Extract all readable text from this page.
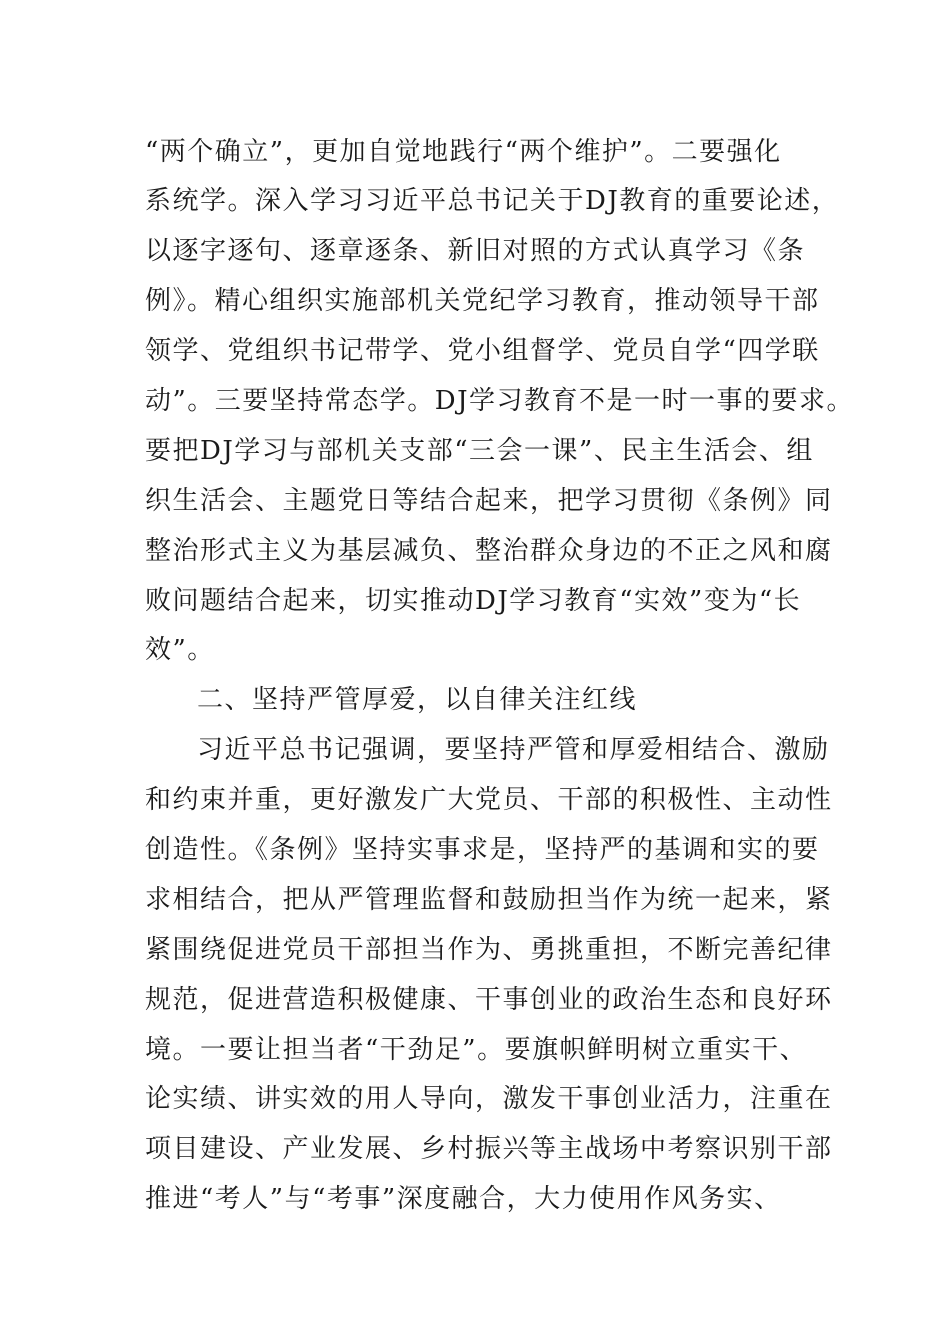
“两个确立”，更加自觉地践行“两个维护”。二要强化
系统学。深入学习习近平总书记关于DJ教育的重要论述，
以逐字逐句、逐章逐条、新旧对照的方式认真学习《条
例》。精心组织实施部机关党纪学习教育，推动领导干部
领学、党组织书记带学、党小组督学、党员自学“四学联
动”。三要坚持常态学。DJ学习教育不是一时一事的要求。
要把DJ学习与部机关支部“三会一课”、民主生活会、组
织生活会、主题党日等结合起来，把学习贯彻《条例》同
整治形式主义为基层减负、整治群众身边的不正之风和腐
败问题结合起来，切实推动DJ学习教育“实效”变为“长
效”。
二、坚持严管厚爱，以自律关注红线
习近平总书记强调，要坚持严管和厚爱相结合、激励
和约束并重，更好激发广大党员、干部的积极性、主动性
创造性。《条例》坚持实事求是，坚持严的基调和实的要
求相结合，把从严管理监督和鼓励担当作为统一起来，紧
紧围绕促进党员干部担当作为、勇挑重担，不断完善纪律
规范，促进营造积极健康、干事创业的政治生态和良好环
境。一要让担当者“干劲足”。要旗帜鲜明树立重实干、
论实绩、讲实效的用人导向，激发干事创业活力，注重在
项目建设、产业发展、乡村振兴等主战场中考察识别干部
推进“考人”与“考事”深度融合，大力使用作风务实、
